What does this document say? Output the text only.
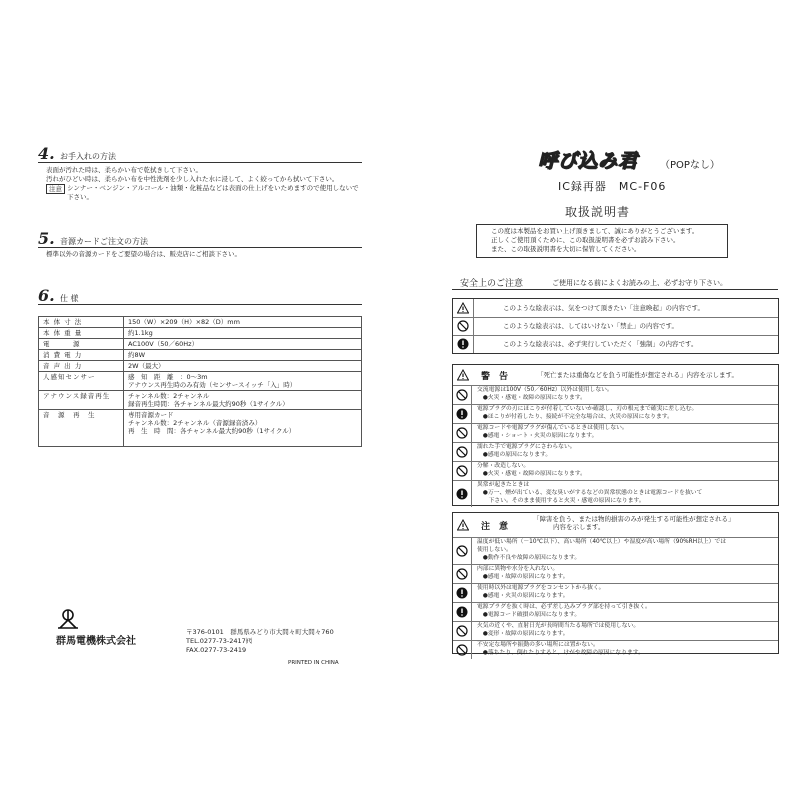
4. お手入れの方法
表面が汚れた時は、柔らかい布で乾拭きして下さい。
汚れがひどい時は、柔らかい布を中性洗剤を少し入れた水に浸して、よく絞ってから拭いて下さい。
注意 シンナー・ベンジン・アルコール・油類・化粧品などは表面の仕上げをいためますので使用しないで
下さい。
5. 音源カードご注文の方法
標準以外の音源カードをご要望の場合は、販売店にご相談下さい。
6. 仕 様
本 体 寸 法	150（W）×209（H）×82（D）mm
本 体 重 量	約1.1kg
電　　　源	AC100V（50／60Hz）
消 費 電 力	約8W
音 声 出 力	2W（最大）
人感知センサー	感　知　距　離　：0～3m
アナウンス再生時のみ有効（センサースイッチ「入」時）

アナウンス録音再生	チャンネル数：2チャンネル
録音再生時間：各チャンネル最大約90秒（1サイクル）

音　源　再　生	専用音源カード
チャンネル数：2チャンネル（音源録音済み）
再　生　時　間：各チャンネル最大約90秒（1サイクル）
群馬電機株式会社
〒376-0101　群馬県みどり市大間々町大間々760
TEL.0277-73-2417㈹
FAX.0277-73-2419
PRINTED IN CHINA
呼び込み君 （POPなし）
IC録再器　MC-F06
取扱説明書
この度は本製品をお買い上げ頂きまして、誠にありがとうございます。
正しくご使用頂くために、この取扱説明書を必ずお読み下さい。
また、この取扱説明書を大切に保管してください。
安全上のご注意	ご使用になる前によくお読みの上、必ずお守り下さい。
このような絵表示は、気をつけて頂きたい「注意喚起」の内容です。
このような絵表示は、してはいけない「禁止」の内容です。
このような絵表示は、必ず実行していただく「強制」の内容です。
警　告	「死亡または重傷などを負う可能性が想定される」内容を示します。
交流電源は100V（50／60Hz）以外は使用しない。
　●火災・感電・故障の原因になります。
電源プラグの刃にほこりが付着していないか確認し、刃の根元まで確実に差し込む。
　●ほこりが付着したり、接続が不完全な場合は、火災の原因になります。
電源コードや電源プラグが傷んでいるときは使用しない。
　●感電・ショート・火災の原因になります。
濡れた手で電源プラグにさわらない。
　●感電の原因になります。
分解・改造しない。
　●火災・感電・故障の原因になります。
異常が起きたときは
　●万一、煙が出ている、変な臭いがするなどの異常状態のときは電源コードを抜いて
　　下さい。そのまま使用すると火災・感電の原因になります。
注　意
「障害を負う、または物的損害のみが発生する可能性が想定される」
内容を示します。
温度が低い場所（－10℃以下）、高い場所（40℃以上）や湿度が高い場所（90%RH以上）では
使用しない。
　●動作不良や故障の原因になります。
内部に異物や水分を入れない。
　●感電・故障の原因になります。
使用時以外は電源プラグをコンセントから抜く。
　●感電・火災の原因になります。
電源プラグを抜く時は、必ず差し込みプラグ部を持って引き抜く。
　●電源コード破損の原因になります。
火気の近くや、直射日光が長時間当たる場所では使用しない。
　●変形・故障の原因になります。
不安定な場所や振動の多い場所には置かない。
　●落ちたり、倒れたりすると、けがや故障の原因になります。
